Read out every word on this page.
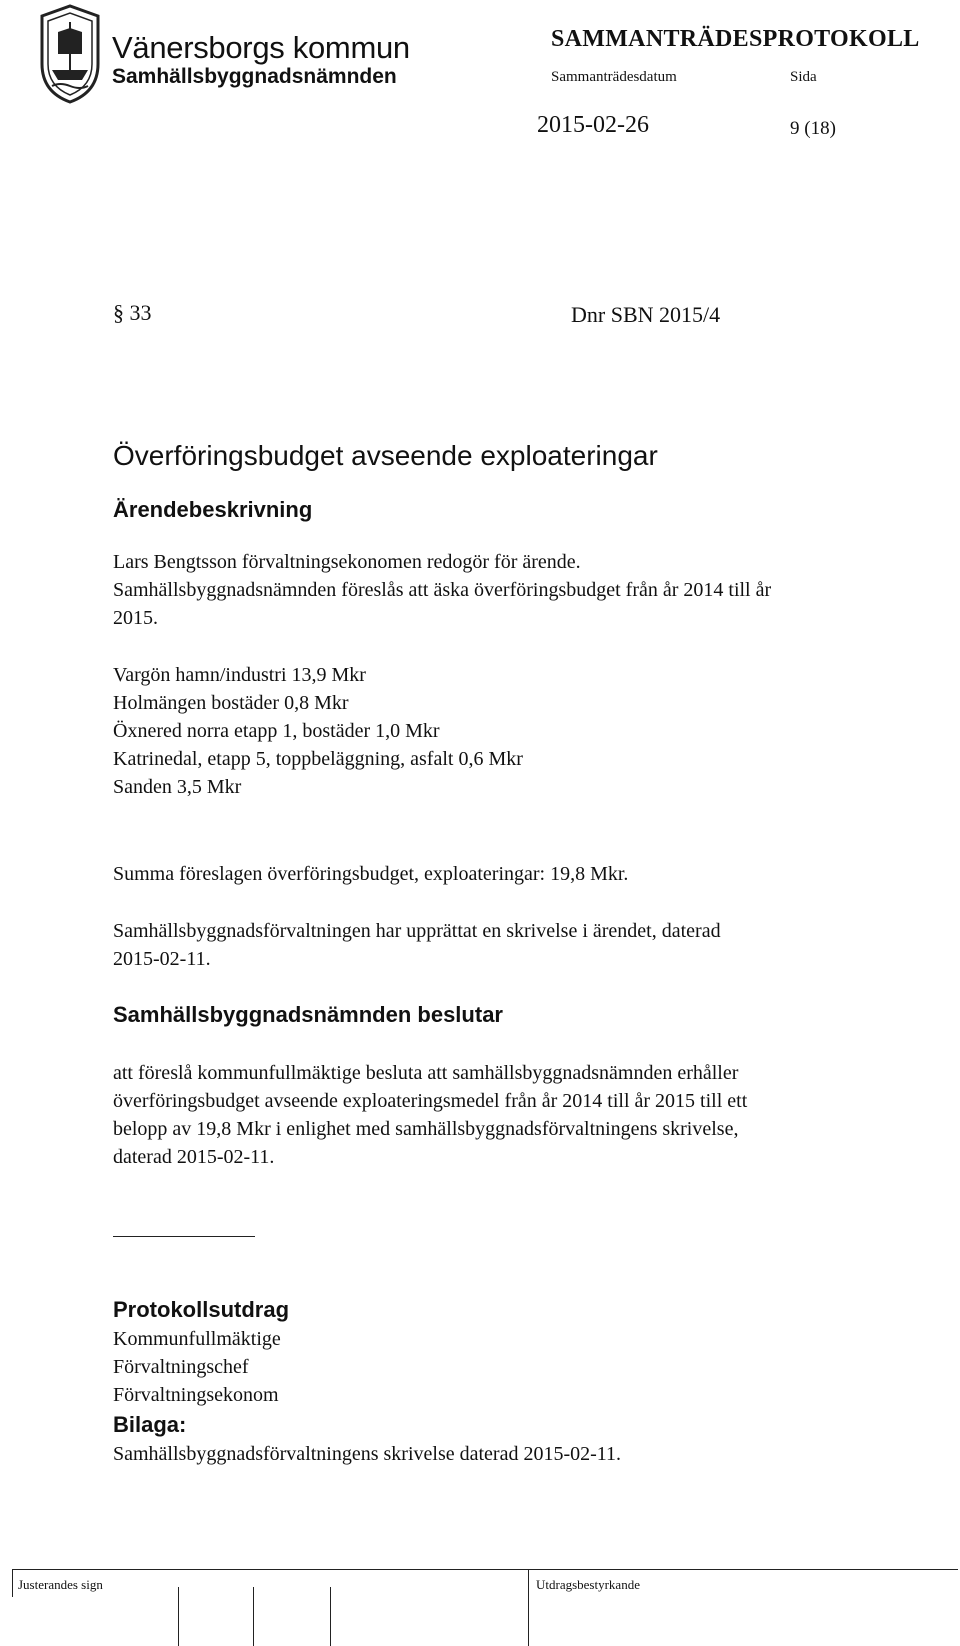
Vänersborgs kommun
Samhällsbyggnadsnämnden
SAMMANTRÄDESPROTOKOLL
Sammanträdesdatum	Sida
2015-02-26	9 (18)
§ 33	Dnr SBN 2015/4
Överföringsbudget avseende exploateringar
Ärendebeskrivning
Lars Bengtsson förvaltningsekonomen redogör för ärende.
Samhällsbyggnadsnämnden föreslås att äska överföringsbudget från år 2014 till år
2015.
Vargön hamn/industri 13,9 Mkr
Holmängen bostäder 0,8 Mkr
Öxnered norra etapp 1, bostäder 1,0 Mkr
Katrinedal, etapp 5, toppbeläggning, asfalt 0,6 Mkr
Sanden 3,5 Mkr
Summa föreslagen överföringsbudget, exploateringar: 19,8 Mkr.
Samhällsbyggnadsförvaltningen har upprättat en skrivelse i ärendet, daterad
2015-02-11.
Samhällsbyggnadsnämnden beslutar
att föreslå kommunfullmäktige besluta att samhällsbyggnadsnämnden erhåller
överföringsbudget avseende exploateringsmedel från år 2014 till år 2015 till ett
belopp av 19,8 Mkr i enlighet med samhällsbyggnadsförvaltningens skrivelse,
daterad 2015-02-11.
Protokollsutdrag
Kommunfullmäktige
Förvaltningschef
Förvaltningsekonom
Bilaga:
Samhällsbyggnadsförvaltningens skrivelse daterad 2015-02-11.
Justerandes sign	Utdragsbestyrkande
